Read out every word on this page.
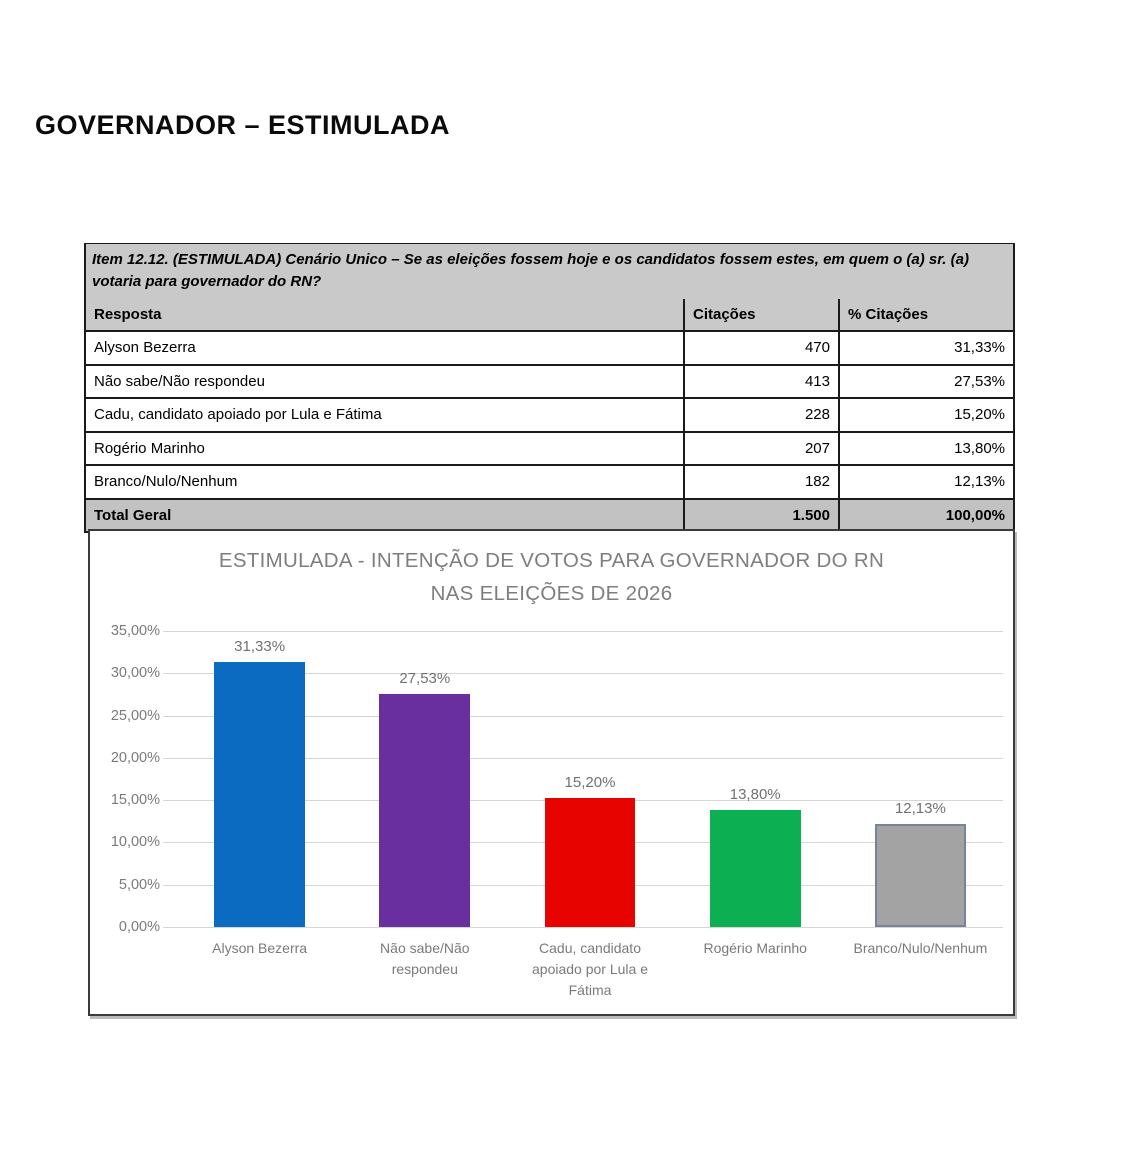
GOVERNADOR – ESTIMULADA
Item 12.12. (ESTIMULADA) Cenário Unico – Se as eleições fossem hoje e os candidatos fossem estes, em quem o (a) sr. (a) votaria para governador do RN?
Resposta	Citações	% Citações
Alyson Bezerra	470	31,33%
Não sabe/Não respondeu	413	27,53%
Cadu, candidato apoiado por Lula e Fátima	228	15,20%
Rogério Marinho	207	13,80%
Branco/Nulo/Nenhum	182	12,13%
Total Geral	1.500	100,00%
ESTIMULADA - INTENÇÃO DE VOTOS PARA GOVERNADOR DO RN
NAS ELEIÇÕES DE 2026
0,00%
5,00%
10,00%
15,00%
20,00%
25,00%
30,00%
35,00%
31,33%
27,53%
15,20%
13,80%
12,13%
Alyson Bezerra	Não sabe/Não
respondeu
Cadu, candidato
apoiado por Lula e
Fátima
Rogério Marinho	Branco/Nulo/Nenhum
